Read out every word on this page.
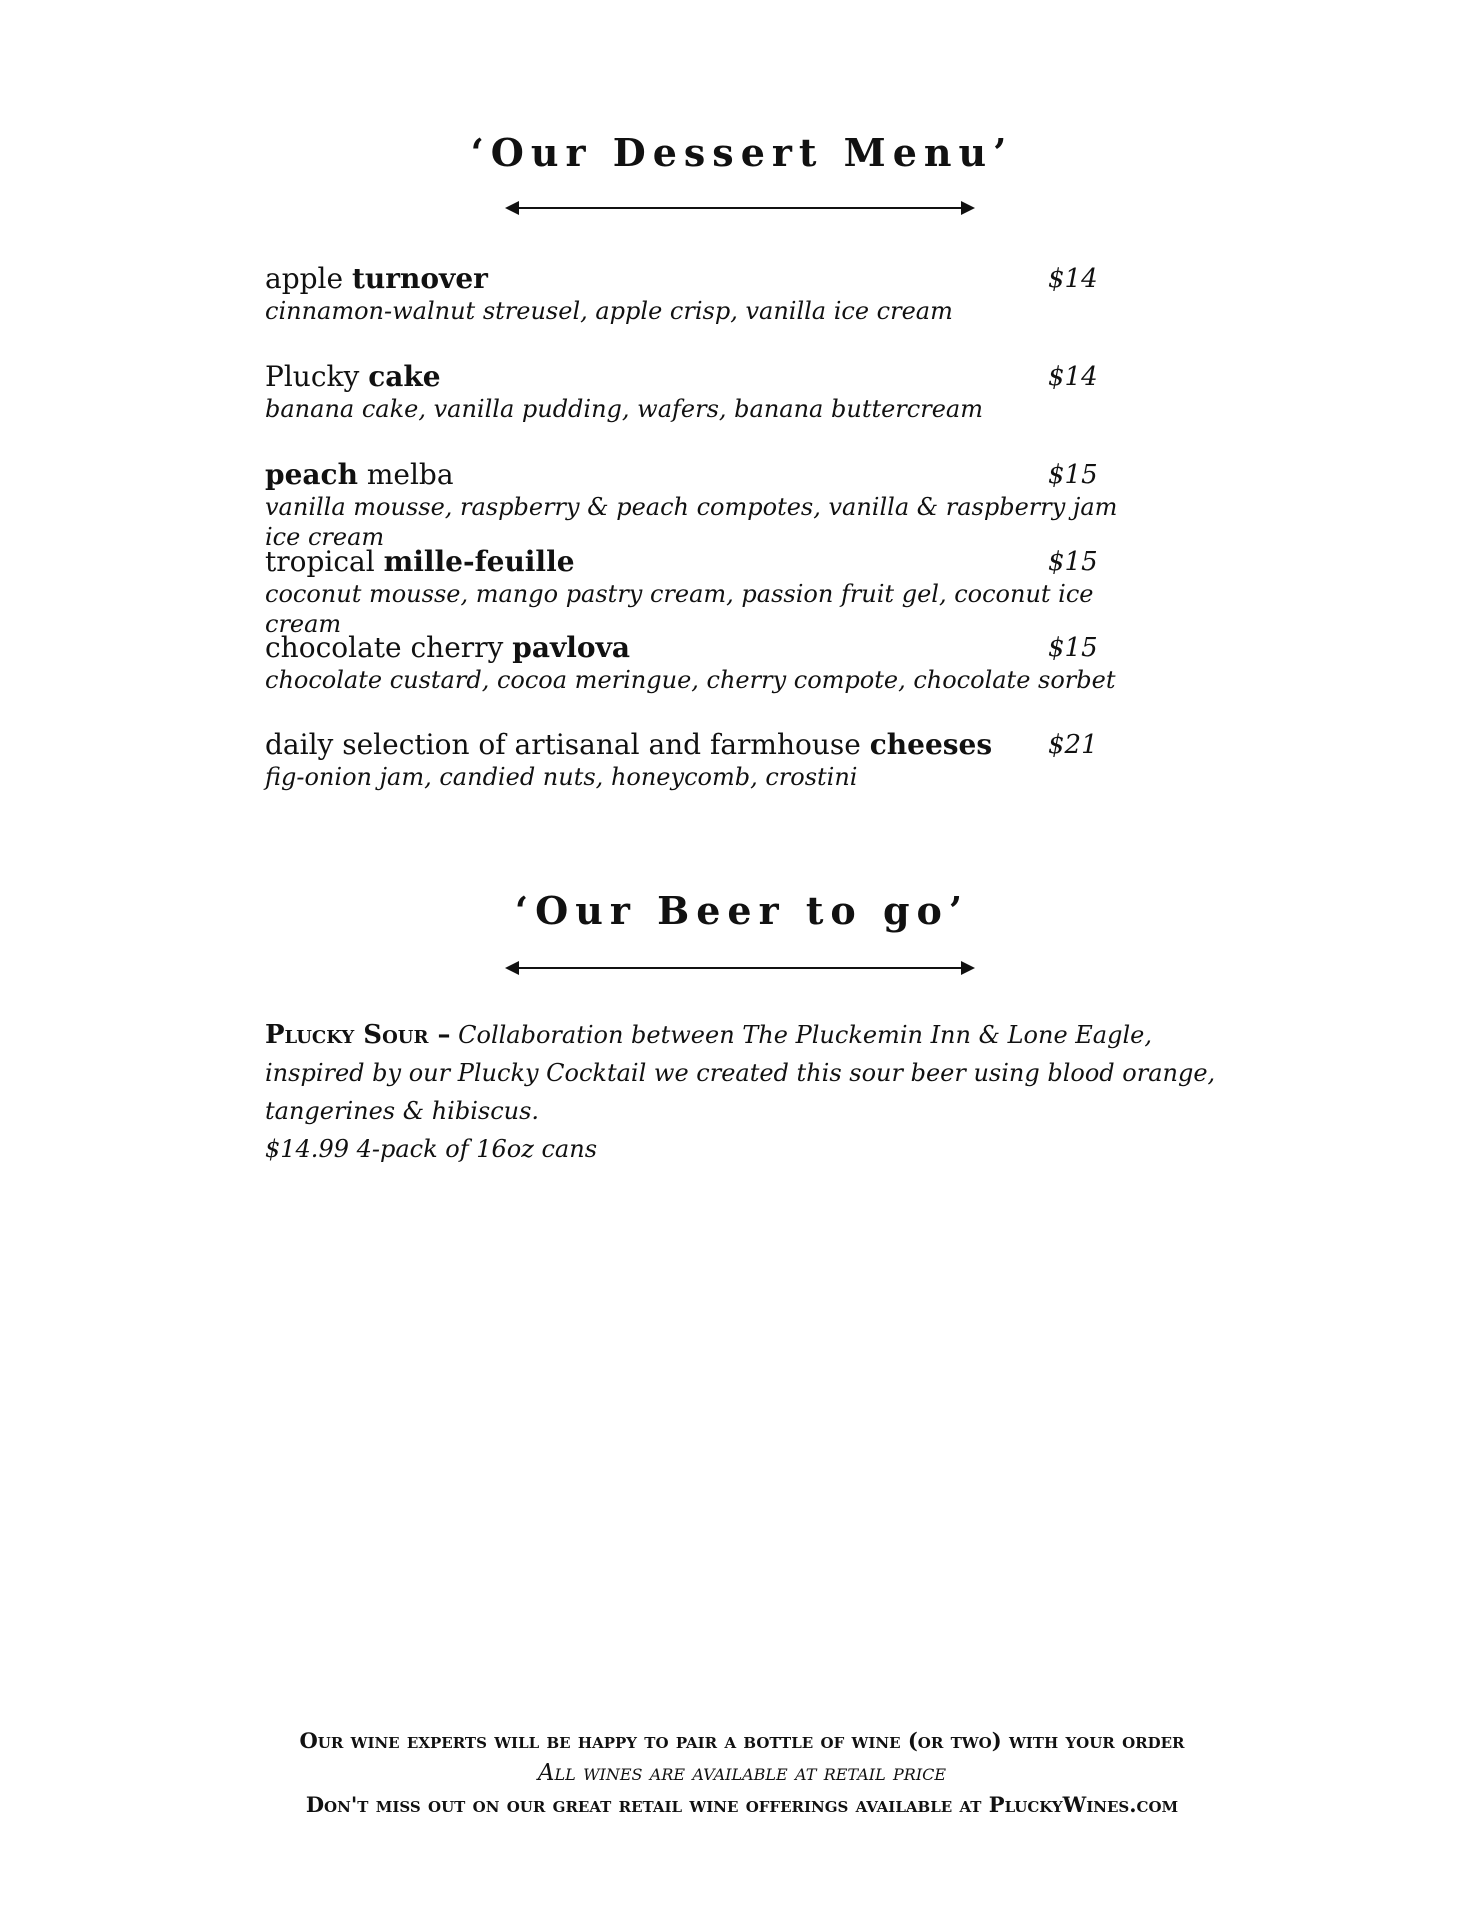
‘Our Dessert Menu’
apple turnover	$14
cinnamon-walnut streusel, apple crisp, vanilla ice cream
Plucky cake	$14
banana cake, vanilla pudding, wafers, banana buttercream
peach melba	$15
vanilla mousse, raspberry & peach compotes, vanilla & raspberry jam ice cream
tropical mille-feuille	$15
coconut mousse, mango pastry cream, passion fruit gel, coconut ice cream
chocolate cherry pavlova	$15
chocolate custard, cocoa meringue, cherry compote, chocolate sorbet
daily selection of artisanal and farmhouse cheeses $21
fig-onion jam, candied nuts, honeycomb, crostini
‘Our Beer to go’
Plucky Sour – Collaboration between The Pluckemin Inn & Lone Eagle, inspired by our Plucky Cocktail we created this sour beer using blood orange, tangerines & hibiscus.
$14.99 4-pack of 16oz cans
Our wine experts will be happy to pair a bottle of wine (or two) with your order
All wines are available at retail price
Don't miss out on our great retail wine offerings available at PluckyWines.com
